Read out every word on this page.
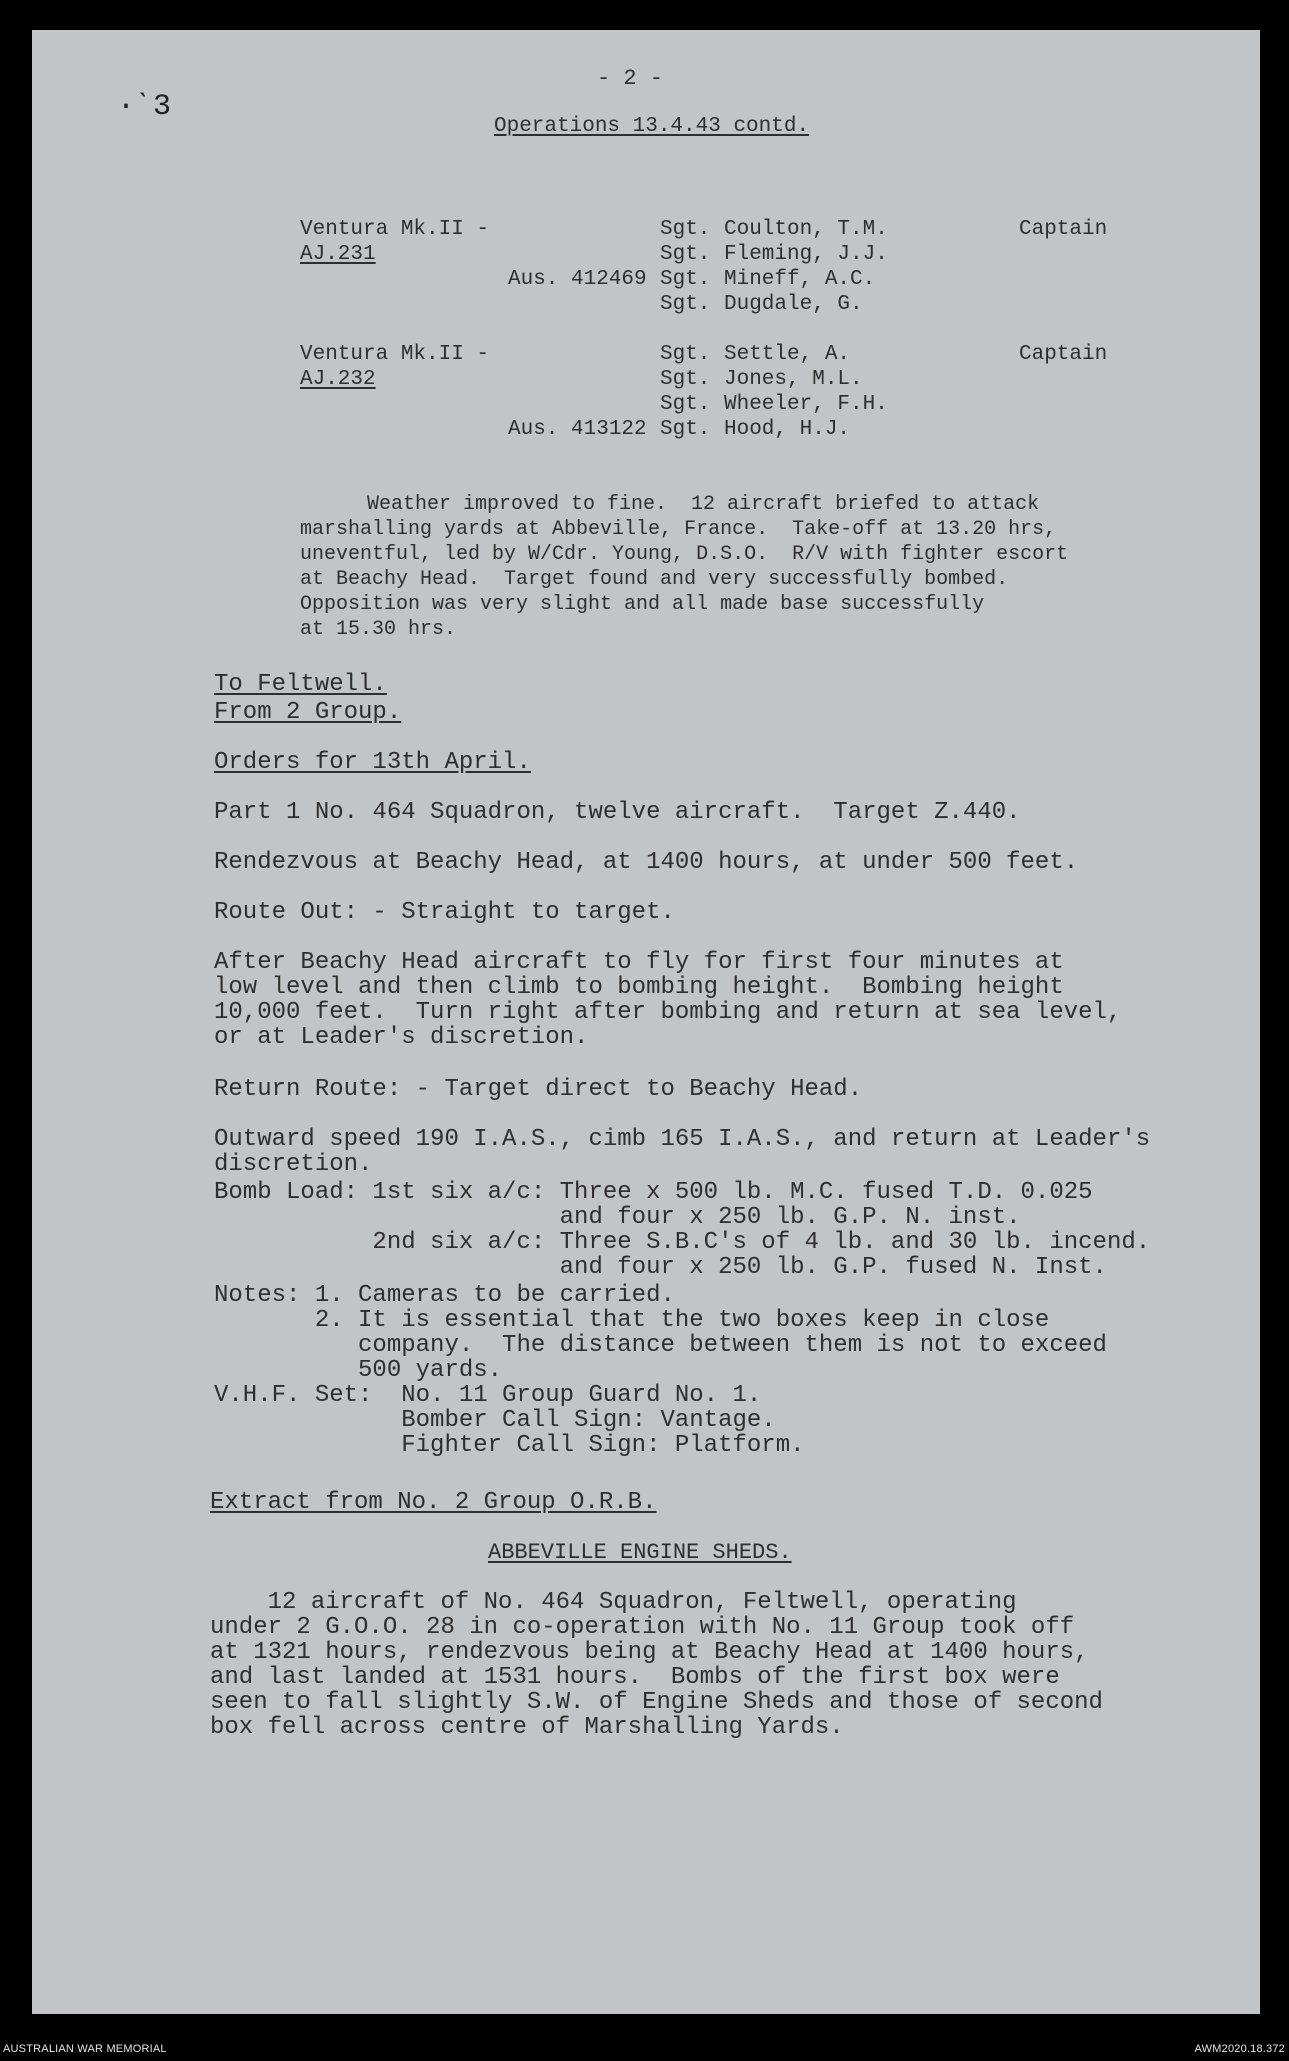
·ˋ3
- 2 -
Operations 13.4.43 contd.
Ventura Mk.II -
AJ.231
Captain
Aus. 412469
Sgt. Coulton, T.M.
Sgt. Fleming, J.J.
Sgt. Mineff, A.C.
Sgt. Dugdale, G.
Ventura Mk.II -
AJ.232
Captain
Aus. 413122
Sgt. Settle, A.
Sgt. Jones, M.L.
Sgt. Wheeler, F.H.
Sgt. Hood, H.J.
Weather improved to fine.  12 aircraft briefed to attack
marshalling yards at Abbeville, France.  Take-off at 13.20 hrs,
uneventful, led by W/Cdr. Young, D.S.O.  R/V with fighter escort
at Beachy Head.  Target found and very successfully bombed.
Opposition was very slight and all made base successfully
at 15.30 hrs.
To Feltwell.
From 2 Group.
Orders for 13th April.
Part 1 No. 464 Squadron, twelve aircraft.  Target Z.440.
Rendezvous at Beachy Head, at 1400 hours, at under 500 feet.
Route Out: - Straight to target.
After Beachy Head aircraft to fly for first four minutes at
low level and then climb to bombing height.  Bombing height
10,000 feet.  Turn right after bombing and return at sea level,
or at Leader's discretion.
Return Route: - Target direct to Beachy Head.
Outward speed 190 I.A.S., cimb 165 I.A.S., and return at Leader's
discretion.
Bomb Load: 1st six a/c: Three x 500 lb. M.C. fused T.D. 0.025
and four x 250 lb. G.P. N. inst.
2nd six a/c: Three S.B.C's of 4 lb. and 30 lb. incend.
and four x 250 lb. G.P. fused N. Inst.
Notes: 1. Cameras to be carried.
2. It is essential that the two boxes keep in close
company.  The distance between them is not to exceed
500 yards.
V.H.F. Set:  No. 11 Group Guard No. 1.
Bomber Call Sign: Vantage.
Fighter Call Sign: Platform.
Extract from No. 2 Group O.R.B.
ABBEVILLE ENGINE SHEDS.
12 aircraft of No. 464 Squadron, Feltwell, operating
under 2 G.O.O. 28 in co-operation with No. 11 Group took off
at 1321 hours, rendezvous being at Beachy Head at 1400 hours,
and last landed at 1531 hours.  Bombs of the first box were
seen to fall slightly S.W. of Engine Sheds and those of second
box fell across centre of Marshalling Yards.
AUSTRALIAN WAR MEMORIAL	AWM2020.18.372
